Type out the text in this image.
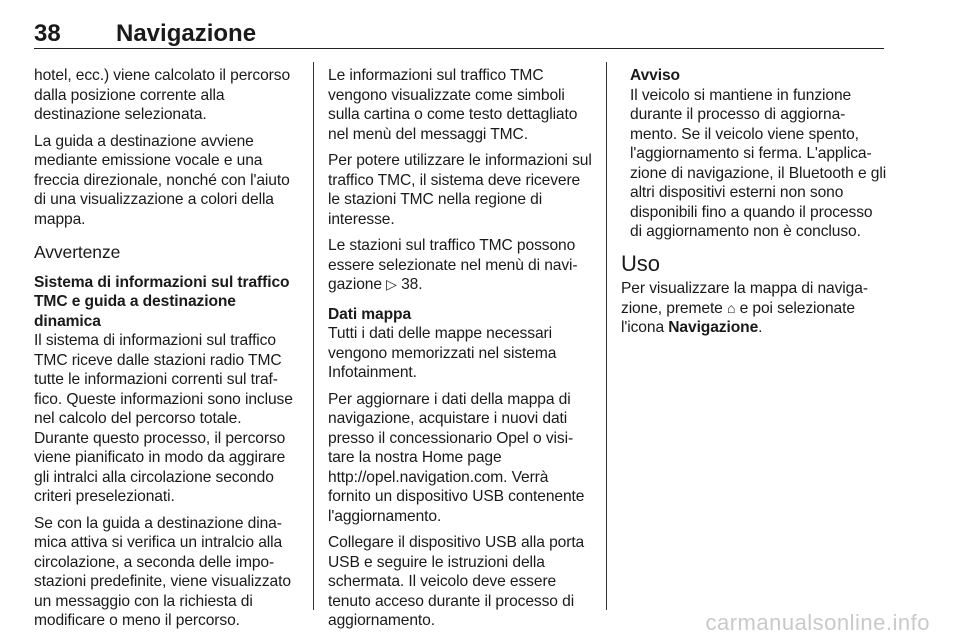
38 Navigazione

hotel, ecc.) viene calcolato il percorso dalla posizione corrente alla destinazione selezionata.

La guida a destinazione avviene mediante emissione vocale e una freccia direzionale, nonché con l'aiuto di una visualizzazione a colori della mappa.

Avvertenze
Sistema di informazioni sul traffico TMC e guida a destinazione dinamica

Il sistema di informazioni sul traffico TMC riceve dalle stazioni radio TMC tutte le informazioni correnti sul traffico. Queste informazioni sono incluse nel calcolo del percorso totale. Durante questo processo, il percorso viene pianificato in modo da aggirare gli intralci alla circolazione secondo criteri preselezionati.

Se con la guida a destinazione dinamica attiva si verifica un intralcio alla circolazione, a seconda delle impostazioni predefinite, viene visualizzato un messaggio con la richiesta di modificare o meno il percorso.

Le informazioni sul traffico TMC vengono visualizzate come simboli sulla cartina o come testo dettagliato nel menù del messaggi TMC.

Per potere utilizzare le informazioni sul traffico TMC, il sistema deve ricevere le stazioni TMC nella regione di interesse.

Le stazioni sul traffico TMC possono essere selezionate nel menù di navigazione ▷ 38.

Dati mappa

Tutti i dati delle mappe necessari vengono memorizzati nel sistema Infotainment.

Per aggiornare i dati della mappa di navigazione, acquistare i nuovi dati presso il concessionario Opel o visitare la nostra Home page http://opel.navigation.com. Verrà fornito un dispositivo USB contenente l'aggiornamento.

Collegare il dispositivo USB alla porta USB e seguire le istruzioni della schermata. Il veicolo deve essere tenuto acceso durante il processo di aggiornamento.

Avviso

Il veicolo si mantiene in funzione durante il processo di aggiornamento. Se il veicolo viene spento, l'aggiornamento si ferma. L'applicazione di navigazione, il Bluetooth e gli altri dispositivi esterni non sono disponibili fino a quando il processo di aggiornamento non è concluso.

Uso

Per visualizzare la mappa di navigazione, premete ⌂ e poi selezionate l'icona Navigazione.

carmanualsonline.info
